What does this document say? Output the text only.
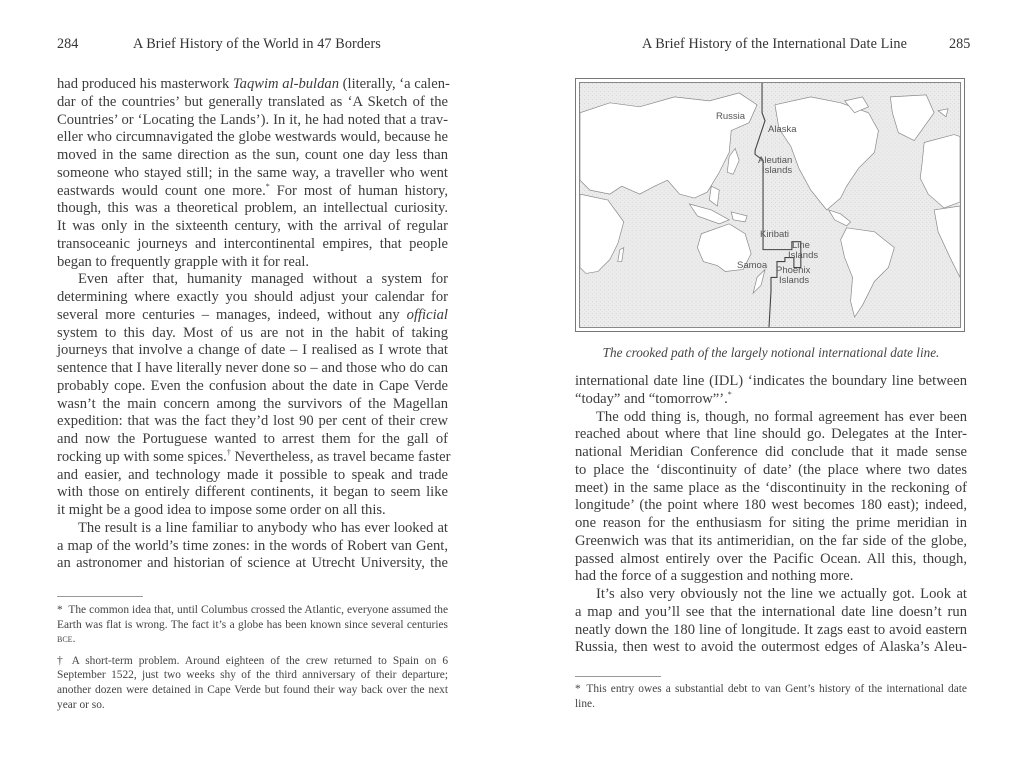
284	A Brief History of the World in 47 Borders
had produced his masterwork Taqwim al-buldan (literally, ‘a calen-
dar of the countries’ but generally translated as ‘A Sketch of the
Countries’ or ‘Locating the Lands’). In it, he had noted that a trav-
eller who circumnavigated the globe westwards would, because he
moved in the same direction as the sun, count one day less than
someone who stayed still; in the same way, a traveller who went
eastwards would count one more.* For most of human history,
though, this was a theoretical problem, an intellectual curiosity.
It was only in the sixteenth century, with the arrival of regular
transoceanic journeys and intercontinental empires, that people
began to frequently grapple with it for real.
Even after that, humanity managed without a system for
determining where exactly you should adjust your calendar for
several more centuries – manages, indeed, without any official
system to this day. Most of us are not in the habit of taking
journeys that involve a change of date – I realised as I wrote that
sentence that I have literally never done so – and those who do can
probably cope. Even the confusion about the date in Cape Verde
wasn’t the main concern among the survivors of the Magellan
expedition: that was the fact they’d lost 90 per cent of their crew
and now the Portuguese wanted to arrest them for the gall of
rocking up with some spices.† Nevertheless, as travel became faster
and easier, and technology made it possible to speak and trade
with those on entirely different continents, it began to seem like
it might be a good idea to impose some order on all this.
The result is a line familiar to anybody who has ever looked at
a map of the world’s time zones: in the words of Robert van Gent,
an astronomer and historian of science at Utrecht University, the
* The common idea that, until Columbus crossed the Atlantic, everyone assumed the Earth was flat is wrong. The fact it’s a globe has been known since several centuries bce.
† A short-term problem. Around eighteen of the crew returned to Spain on 6 September 1522, just two weeks shy of the third anniversary of their departure; another dozen were detained in Cape Verde but found their way back over the next year or so.
A Brief History of the International Date Line	285
Russia
Alaska
Aleutian
Islands
Kiribati
Line
Islands
Samoa Phoenix
Islands
The crooked path of the largely notional international date line.
international date line (IDL) ‘indicates the boundary line between
“today” and “tomorrow”’.*
The odd thing is, though, no formal agreement has ever been
reached about where that line should go. Delegates at the Inter-
national Meridian Conference did conclude that it made sense
to place the ‘discontinuity of date’ (the place where two dates
meet) in the same place as the ‘discontinuity in the reckoning of
longitude’ (the point where 180 west becomes 180 east); indeed,
one reason for the enthusiasm for siting the prime meridian in
Greenwich was that its antimeridian, on the far side of the globe,
passed almost entirely over the Pacific Ocean. All this, though,
had the force of a suggestion and nothing more.
It’s also very obviously not the line we actually got. Look at
a map and you’ll see that the international date line doesn’t run
neatly down the 180 line of longitude. It zags east to avoid eastern
Russia, then west to avoid the outermost edges of Alaska’s Aleu-
* This entry owes a substantial debt to van Gent’s history of the international date line.
